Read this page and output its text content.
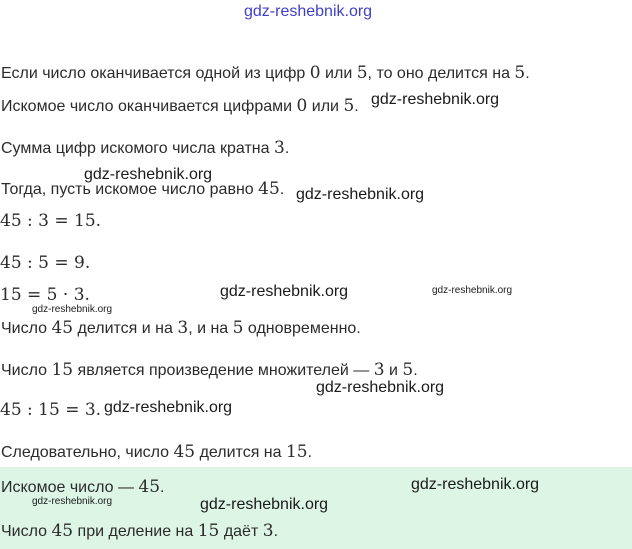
gdz-reshebnik.org
Если число оканчивается одной из цифр 0 или 5, то оно делится на 5.
Искомое число оканчивается цифрами 0 или 5.
Сумма цифр искомого числа кратна 3.
Тогда, пусть искомое число равно 45.
45 : 3 = 15.
45 : 5 = 9.
15 = 5 · 3.
Число 45 делится и на 3, и на 5 одновременно.
Число 15 является произведение множителей — 3 и 5.
45 : 15 = 3.
Следовательно, число 45 делится на 15.
Искомое число — 45.
Число 45 при деление на 15 даёт 3.
gdz-reshebnik.org
gdz-reshebnik.org
gdz-reshebnik.org
gdz-reshebnik.org	gdz-reshebnik.org
gdz-reshebnik.org
gdz-reshebnik.org
gdz-reshebnik.org
gdz-reshebnik.org
gdz-reshebnik.org	gdz-reshebnik.org
